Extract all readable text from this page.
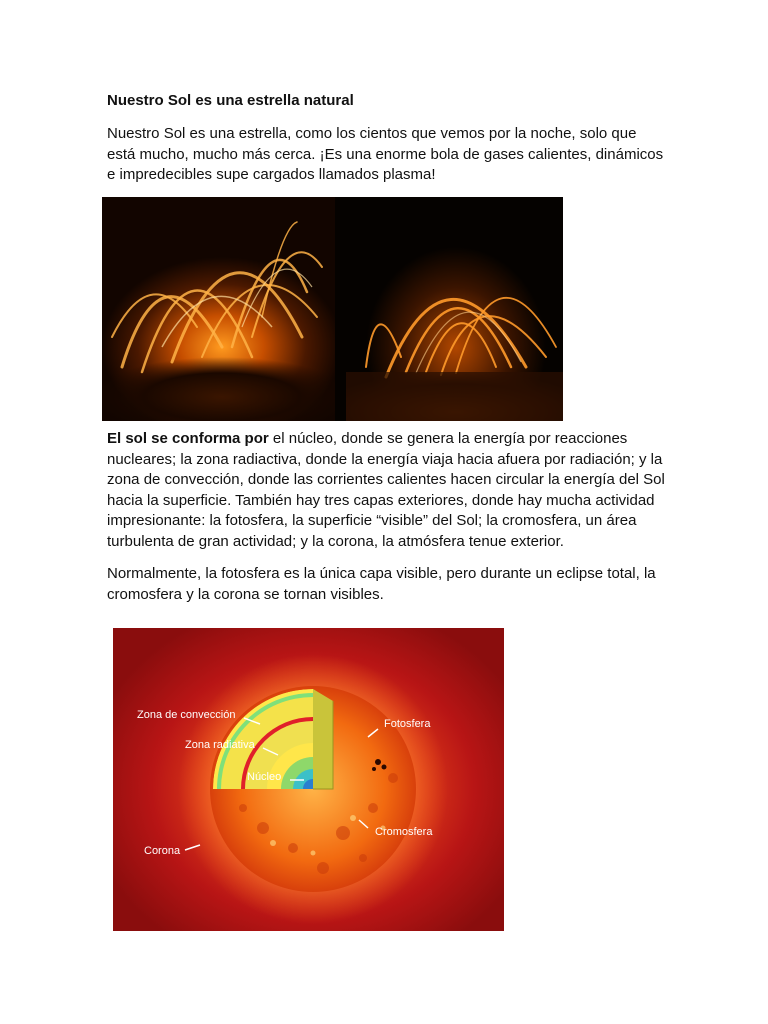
Nuestro Sol es una estrella natural

Nuestro Sol es una estrella, como los cientos que vemos por la noche, solo que está mucho, mucho más cerca. ¡Es una enorme bola de gases calientes, dinámicos e impredecibles supe cargados llamados plasma!

El sol se conforma por el núcleo, donde se genera la energía por reacciones nucleares; la zona radiactiva, donde la energía viaja hacia afuera por radiación; y la zona de convección, donde las corrientes calientes hacen circular la energía del Sol hacia la superficie. También hay tres capas exteriores, donde hay mucha actividad impresionante: la fotosfera, la superficie “visible” del Sol; la cromosfera, un área turbulenta de gran actividad; y la corona, la atmósfera tenue exterior.

Normalmente, la fotosfera es la única capa visible, pero durante un eclipse total, la cromosfera y la corona se tornan visibles.

Zona de convección
Zona radiativa
Núcleo
Fotosfera
Cromosfera
Corona
